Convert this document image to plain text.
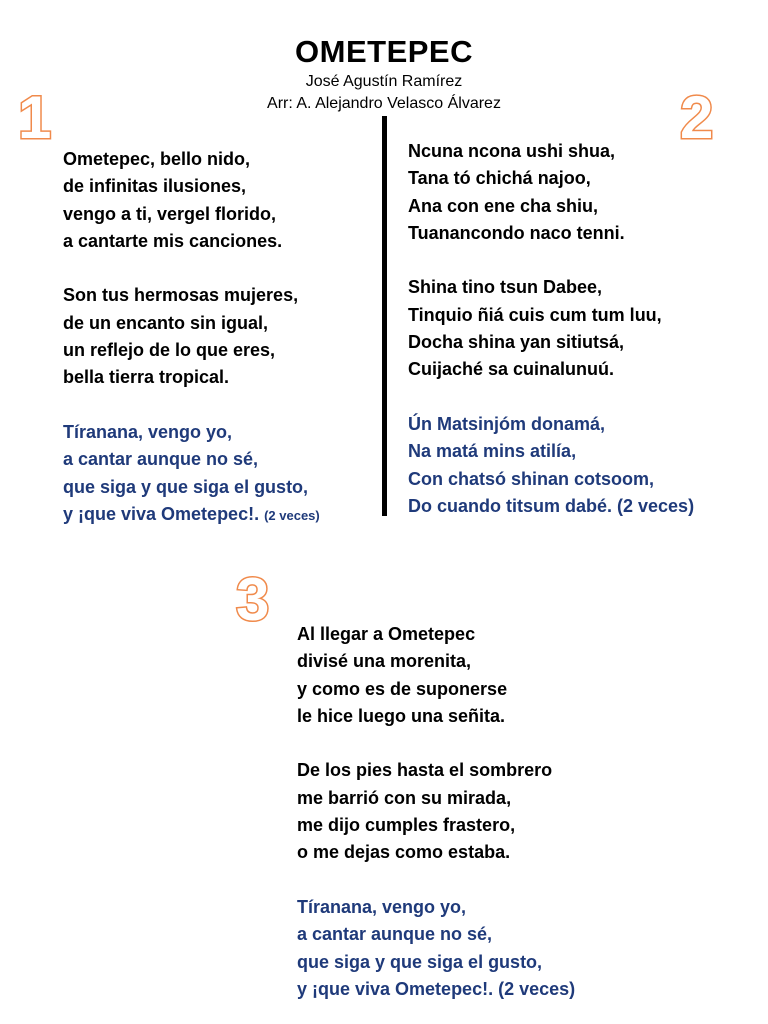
OMETEPEC
José Agustín Ramírez
Arr: A. Alejandro Velasco Álvarez
1	2
3
Ometepec, bello nido,
de infinitas ilusiones,
vengo a ti, vergel florido,
a cantarte mis canciones.
Son tus hermosas mujeres,
de un encanto sin igual,
un reflejo de lo que eres,
bella tierra tropical.
Tíranana, vengo yo,
a cantar aunque no sé,
que siga y que siga el gusto,
y ¡que viva Ometepec!. (2 veces)
Ncuna ncona ushi shua,
Tana tó chichá najoo,
Ana con ene cha shiu,
Tuanancondo naco tenni.
Shina tino tsun Dabee,
Tinquio ñiá cuis cum tum luu,
Docha shina yan sitiutsá,
Cuijaché sa cuinalunuú.
Ún Matsinjóm donamá,
Na matá mins atilía,
Con chatsó shinan cotsoom,
Do cuando titsum dabé. (2 veces)
Al llegar a Ometepec
divisé una morenita,
y como es de suponerse
le hice luego una señita.
De los pies hasta el sombrero
me barrió con su mirada,
me dijo cumples frastero,
o me dejas como estaba.
Tíranana, vengo yo,
a cantar aunque no sé,
que siga y que siga el gusto,
y ¡que viva Ometepec!. (2 veces)
